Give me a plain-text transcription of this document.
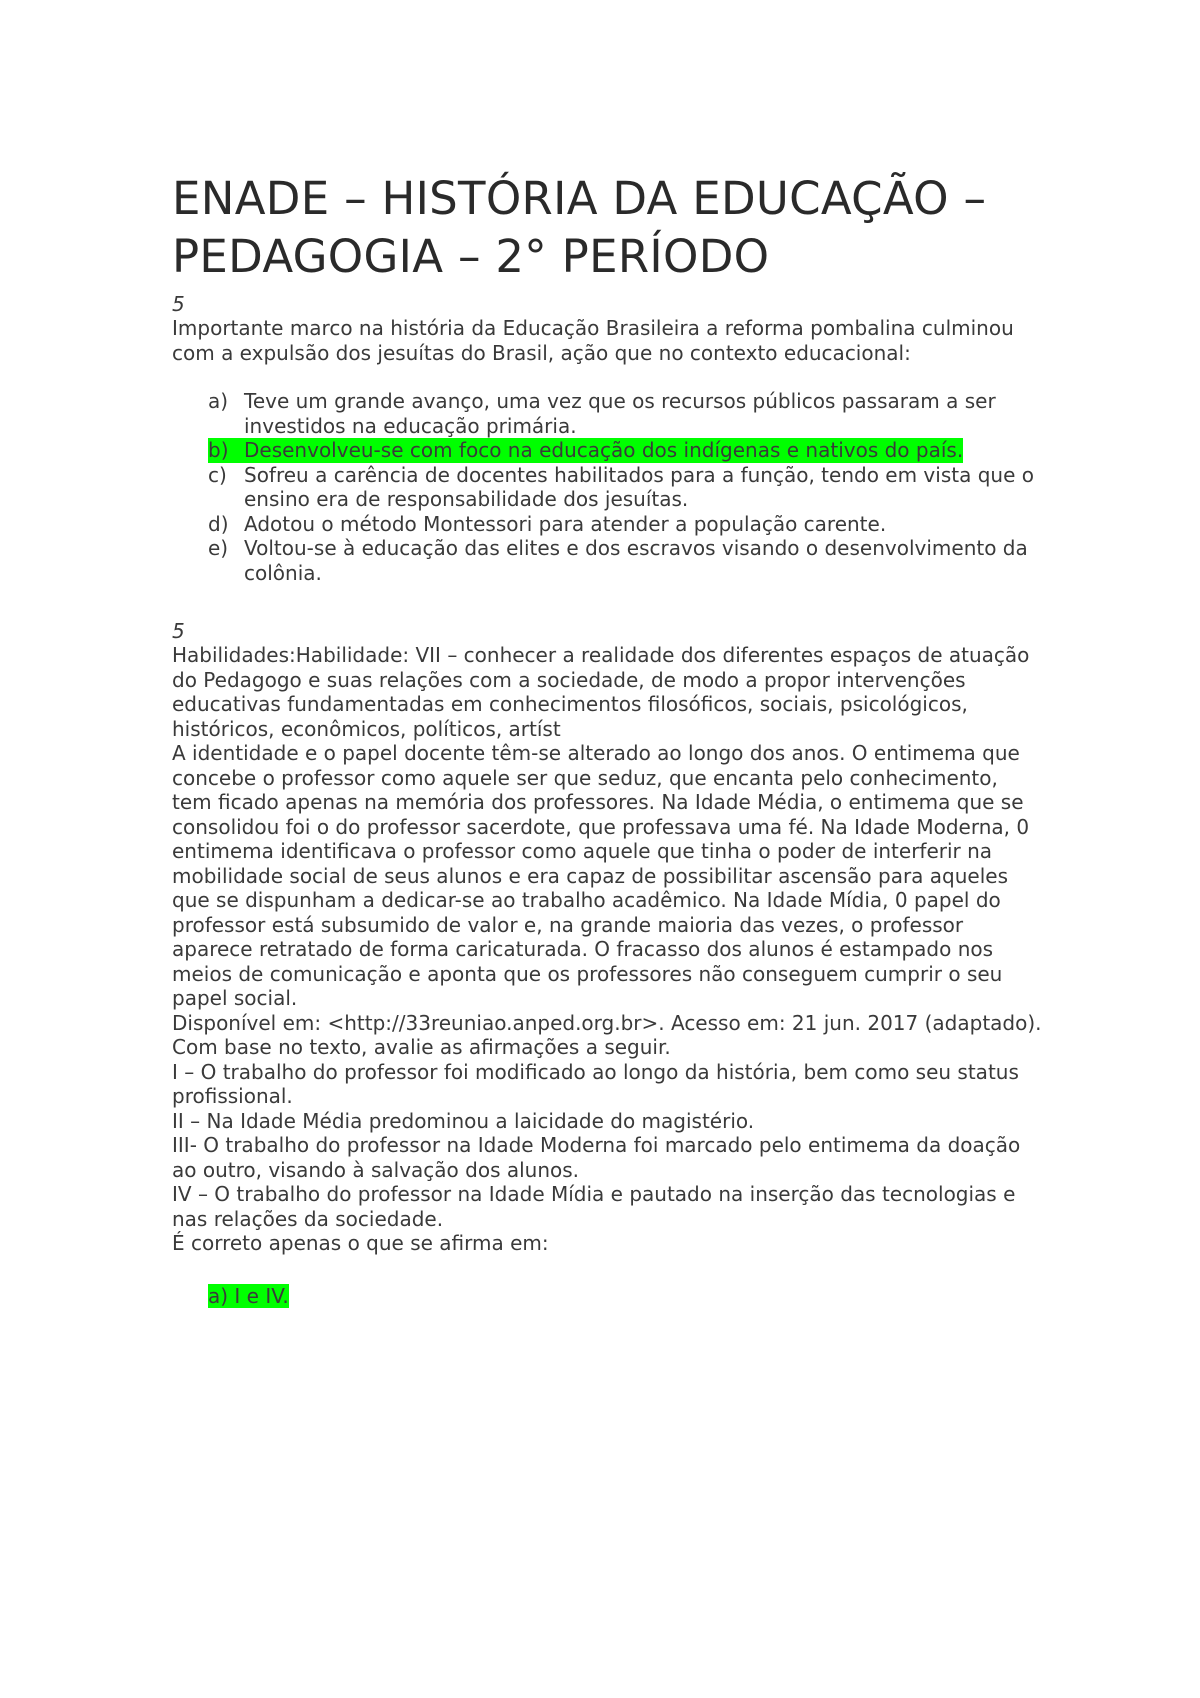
ENADE – HISTÓRIA DA EDUCAÇÃO – PEDAGOGIA – 2° PERÍODO
5

Importante marco na história da Educação Brasileira a reforma pombalina culminou com a expulsão dos jesuítas do Brasil, ação que no contexto educacional:

a) Teve um grande avanço, uma vez que os recursos públicos passaram a ser investidos na educação primária.
b) Desenvolveu-se com foco na educação dos indígenas e nativos do país.
c) Sofreu a carência de docentes habilitados para a função, tendo em vista que o ensino era de responsabilidade dos jesuítas.
d) Adotou o método Montessori para atender a população carente.
e) Voltou-se à educação das elites e dos escravos visando o desenvolvimento da colônia.
5

Habilidades:Habilidade: VII – conhecer a realidade dos diferentes espaços de atuação do Pedagogo e suas relações com a sociedade, de modo a propor intervenções educativas fundamentadas em conhecimentos filosóficos, sociais, psicológicos, históricos, econômicos, políticos, artíst

A identidade e o papel docente têm-se alterado ao longo dos anos. O entimema que concebe o professor como aquele ser que seduz, que encanta pelo conhecimento, tem ficado apenas na memória dos professores. Na Idade Média, o entimema que se consolidou foi o do professor sacerdote, que professava uma fé. Na Idade Moderna, 0 entimema identificava o professor como aquele que tinha o poder de interferir na mobilidade social de seus alunos e era capaz de possibilitar ascensão para aqueles que se dispunham a dedicar-se ao trabalho acadêmico. Na Idade Mídia, 0 papel do professor está subsumido de valor e, na grande maioria das vezes, o professor aparece retratado de forma caricaturada. O fracasso dos alunos é estampado nos meios de comunicação e aponta que os professores não conseguem cumprir o seu papel social.

Disponível em: <http://33reuniao.anped.org.br>. Acesso em: 21 jun. 2017 (adaptado).

Com base no texto, avalie as afirmações a seguir.

I – O trabalho do professor foi modificado ao longo da história, bem como seu status profissional.

II – Na Idade Média predominou a laicidade do magistério.

III- O trabalho do professor na Idade Moderna foi marcado pelo entimema da doação ao outro, visando à salvação dos alunos.

IV – O trabalho do professor na Idade Mídia e pautado na inserção das tecnologias e nas relações da sociedade.

É correto apenas o que se afirma em:

a) I e IV.
